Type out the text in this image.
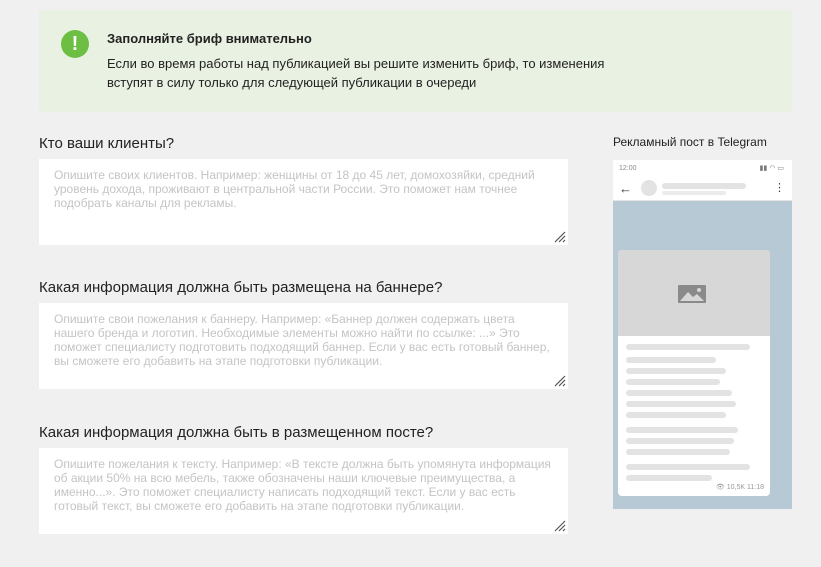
!	Заполняйте бриф внимательно
Если во время работы над публикацией вы решите изменить бриф, то изменения вступят в силу только для следующей публикации в очереди
Кто ваши клиенты?
Опишите своих клиентов. Например: женщины от 18 до 45 лет, домохозяйки, средний уровень дохода, проживают в центральной части России. Это поможет нам точнее подобрать каналы для рекламы.
Какая информация должна быть размещена на баннере?
Опишите свои пожелания к баннеру. Например: «Баннер должен содержать цвета нашего бренда и логотип. Необходимые элементы можно найти по ссылке: ...» Это поможет специалисту подготовить подходящий баннер. Если у вас есть готовый баннер, вы сможете его добавить на этапе подготовки публикации.
Какая информация должна быть в размещенном посте?
Опишите пожелания к тексту. Например: «В тексте должна быть упомянута информация об акции 50% на всю мебель, также обозначены наши ключевые преимущества, а именно...». Это поможет специалисту написать подходящий текст. Если у вас есть готовый текст, вы сможете его добавить на этапе подготовки публикации.
Рекламный пост в Telegram
12:00	▮▮ ◠ ▭
←	⋮
👁 10,5K 11:18
